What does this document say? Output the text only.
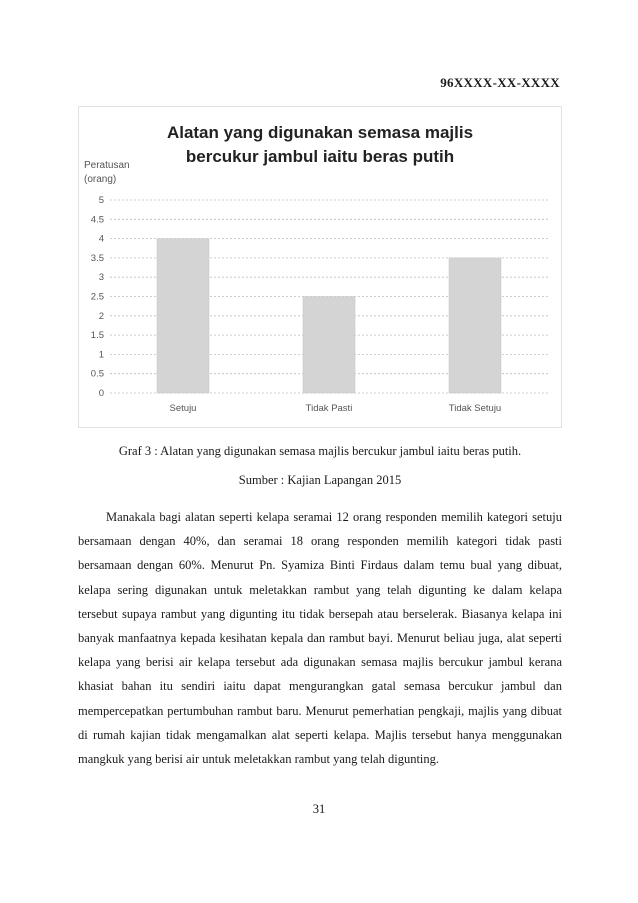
96XXXX-XX-XXXX
Alatan yang digunakan semasa majlis
bercukur jambul iaitu beras putih
Peratusan
(orang)
0
0.5
1
1.5
2
2.5
3
3.5
4
4.5
5
Setuju	Tidak Pasti	Tidak Setuju
Graf 3 : Alatan yang digunakan semasa majlis bercukur jambul iaitu beras putih.
Sumber : Kajian Lapangan 2015

Manakala bagi alatan seperti kelapa seramai 12 orang responden memilih kategori setuju bersamaan dengan 40%, dan seramai 18 orang responden memilih kategori tidak pasti bersamaan dengan 60%. Menurut Pn. Syamiza Binti Firdaus dalam temu bual yang dibuat, kelapa sering digunakan untuk meletakkan rambut yang telah digunting ke dalam kelapa tersebut supaya rambut yang digunting itu tidak bersepah atau berselerak. Biasanya kelapa ini banyak manfaatnya kepada kesihatan kepala dan rambut bayi. Menurut beliau juga, alat seperti kelapa yang berisi air kelapa tersebut ada digunakan semasa majlis bercukur jambul kerana khasiat bahan itu sendiri iaitu dapat mengurangkan gatal semasa bercukur jambul dan mempercepatkan pertumbuhan rambut baru. Menurut pemerhatian pengkaji, majlis yang dibuat di rumah kajian tidak mengamalkan alat seperti kelapa. Majlis tersebut hanya menggunakan mangkuk yang berisi air untuk meletakkan rambut yang telah digunting.

31
